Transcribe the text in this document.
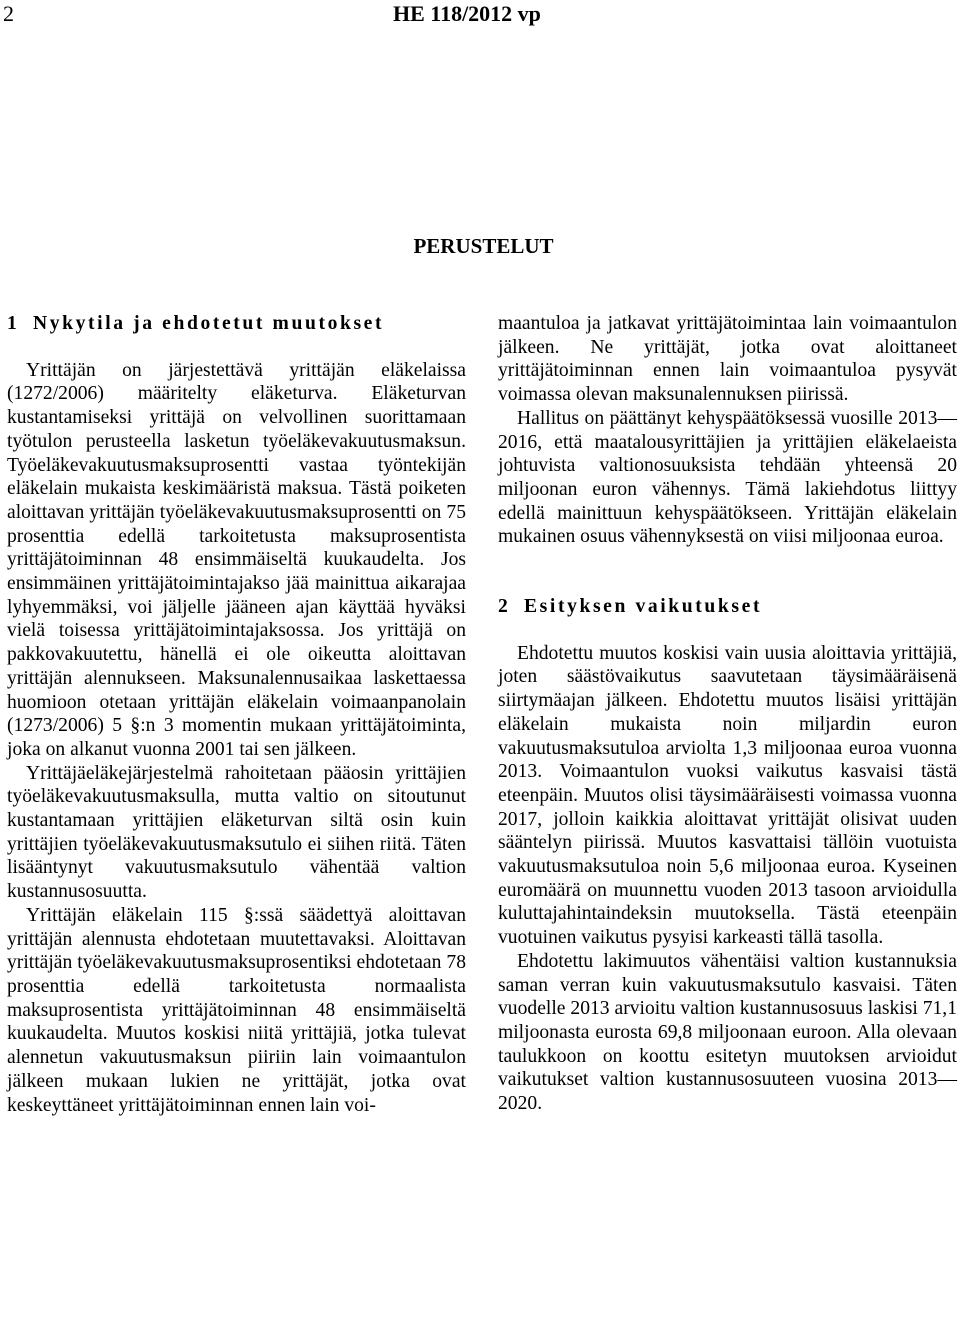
2	HE 118/2012 vp
PERUSTELUT
1 Nykytila ja ehdotetut muutokset

Yrittäjän on järjestettävä yrittäjän eläkelaissa (1272/2006) määritelty eläketurva. Eläketurvan kustantamiseksi yrittäjä on velvollinen suorittamaan työtulon perusteella lasketun työeläkevakuutusmaksun. Työeläkevakuutusmaksuprosentti vastaa työntekijän eläkelain mukaista keskimääristä maksua. Tästä poiketen aloittavan yrittäjän työeläkevakuutusmaksuprosentti on 75 prosenttia edellä tarkoitetusta maksuprosentista yrittäjätoiminnan 48 ensimmäiseltä kuukaudelta. Jos ensimmäinen yrittäjätoimintajakso jää mainittua aikarajaa lyhyemmäksi, voi jäljelle jääneen ajan käyttää hyväksi vielä toisessa yrittäjätoimintajaksossa. Jos yrittäjä on pakkovakuutettu, hänellä ei ole oikeutta aloittavan yrittäjän alennukseen. Maksunalennusaikaa laskettaessa huomioon otetaan yrittäjän eläkelain voimaanpanolain (1273/2006) 5 §:n 3 momentin mukaan yrittäjätoiminta, joka on alkanut vuonna 2001 tai sen jälkeen.

Yrittäjäeläkejärjestelmä rahoitetaan pääosin yrittäjien työeläkevakuutusmaksulla, mutta valtio on sitoutunut kustantamaan yrittäjien eläketurvan siltä osin kuin yrittäjien työeläkevakuutusmaksutulo ei siihen riitä. Täten lisääntynyt vakuutusmaksutulo vähentää valtion kustannusosuutta.

Yrittäjän eläkelain 115 §:ssä säädettyä aloittavan yrittäjän alennusta ehdotetaan muutettavaksi. Aloittavan yrittäjän työeläkevakuutusmaksuprosentiksi ehdotetaan 78 prosenttia edellä tarkoitetusta normaalista maksuprosentista yrittäjätoiminnan 48 ensimmäiseltä kuukaudelta. Muutos koskisi niitä yrittäjiä, jotka tulevat alennetun vakuutusmaksun piiriin lain voimaantulon jälkeen mukaan lukien ne yrittäjät, jotka ovat keskeyttäneet yrittäjätoiminnan ennen lain voi-

maantuloa ja jatkavat yrittäjätoimintaa lain voimaantulon jälkeen. Ne yrittäjät, jotka ovat aloittaneet yrittäjätoiminnan ennen lain voimaantuloa pysyvät voimassa olevan maksunalennuksen piirissä.

Hallitus on päättänyt kehyspäätöksessä vuosille 2013—2016, että maatalousyrittäjien ja yrittäjien eläkelaeista johtuvista valtionosuuksista tehdään yhteensä 20 miljoonan euron vähennys. Tämä lakiehdotus liittyy edellä mainittuun kehyspäätökseen. Yrittäjän eläkelain mukainen osuus vähennyksestä on viisi miljoonaa euroa.

2 Esityksen vaikutukset

Ehdotettu muutos koskisi vain uusia aloittavia yrittäjiä, joten säästövaikutus saavutetaan täysimääräisenä siirtymäajan jälkeen. Ehdotettu muutos lisäisi yrittäjän eläkelain mukaista noin miljardin euron vakuutusmaksutuloa arviolta 1,3 miljoonaa euroa vuonna 2013. Voimaantulon vuoksi vaikutus kasvaisi tästä eteenpäin. Muutos olisi täysimääräisesti voimassa vuonna 2017, jolloin kaikkia aloittavat yrittäjät olisivat uuden sääntelyn piirissä. Muutos kasvattaisi tällöin vuotuista vakuutusmaksutuloa noin 5,6 miljoonaa euroa. Kyseinen euromäärä on muunnettu vuoden 2013 tasoon arvioidulla kuluttajahintaindeksin muutoksella. Tästä eteenpäin vuotuinen vaikutus pysyisi karkeasti tällä tasolla.

Ehdotettu lakimuutos vähentäisi valtion kustannuksia saman verran kuin vakuutusmaksutulo kasvaisi. Täten vuodelle 2013 arvioitu valtion kustannusosuus laskisi 71,1 miljoonasta eurosta 69,8 miljoonaan euroon. Alla olevaan taulukkoon on koottu esitetyn muutoksen arvioidut vaikutukset valtion kustannusosuuteen vuosina 2013—2020.
